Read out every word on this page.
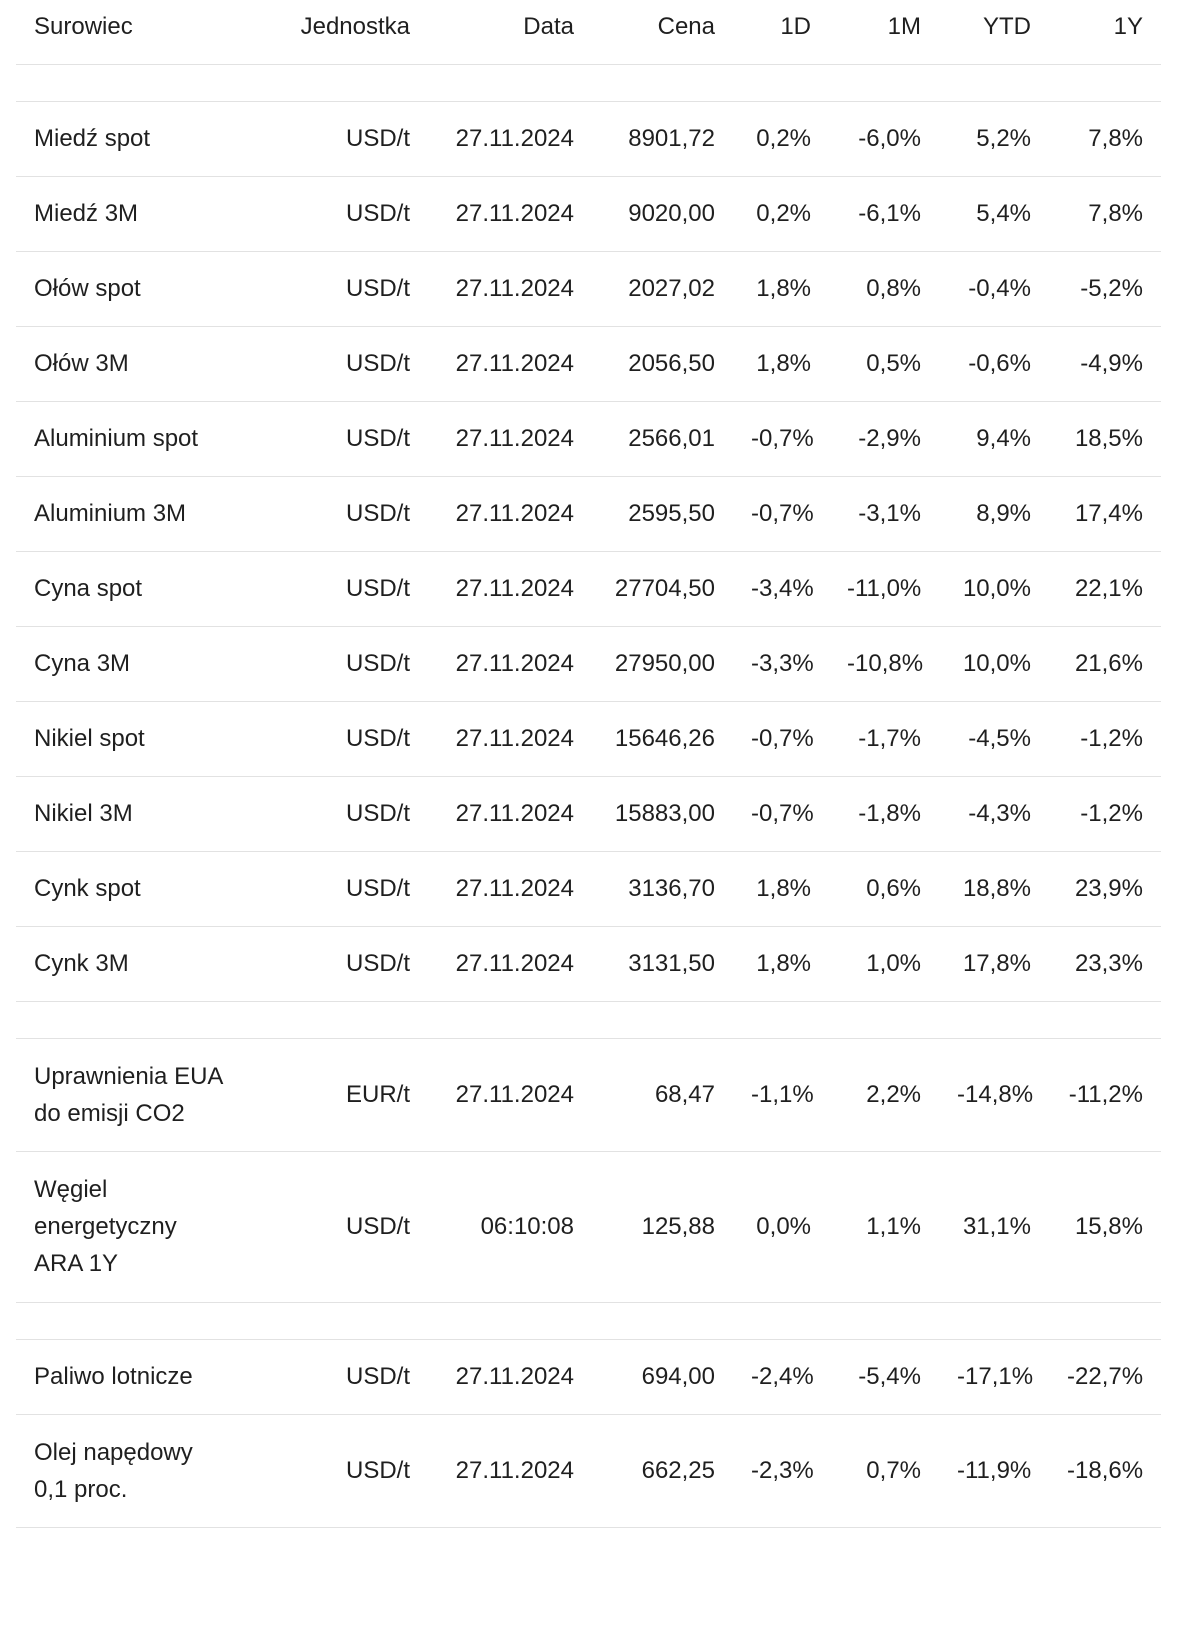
Surowiec	Jednostka	Data	Cena	1D	1M	YTD	1Y

Miedź spot	USD/t	27.11.2024	8901,72	0,2%	-6,0%	5,2%	7,8%
Miedź 3M	USD/t	27.11.2024	9020,00	0,2%	-6,1%	5,4%	7,8%
Ołów spot	USD/t	27.11.2024	2027,02	1,8%	0,8%	-0,4%	-5,2%
Ołów 3M	USD/t	27.11.2024	2056,50	1,8%	0,5%	-0,6%	-4,9%
Aluminium spot	USD/t	27.11.2024	2566,01	-0,7%	-2,9%	9,4%	18,5%
Aluminium 3M	USD/t	27.11.2024	2595,50	-0,7%	-3,1%	8,9%	17,4%
Cyna spot	USD/t	27.11.2024	27704,50	-3,4%	-11,0%	10,0%	22,1%
Cyna 3M	USD/t	27.11.2024	27950,00	-3,3%	-10,8%	10,0%	21,6%
Nikiel spot	USD/t	27.11.2024	15646,26	-0,7%	-1,7%	-4,5%	-1,2%
Nikiel 3M	USD/t	27.11.2024	15883,00	-0,7%	-1,8%	-4,3%	-1,2%
Cynk spot	USD/t	27.11.2024	3136,70	1,8%	0,6%	18,8%	23,9%
Cynk 3M	USD/t	27.11.2024	3131,50	1,8%	1,0%	17,8%	23,3%

Uprawnienia EUA do emisji CO2	EUR/t	27.11.2024	68,47	-1,1%	2,2%	-14,8%	-11,2%
Węgiel energetyczny ARA 1Y	USD/t	06:10:08	125,88	0,0%	1,1%	31,1%	15,8%

Paliwo lotnicze	USD/t	27.11.2024	694,00	-2,4%	-5,4%	-17,1%	-22,7%
Olej napędowy 0,1 proc.	USD/t	27.11.2024	662,25	-2,3%	0,7%	-11,9%	-18,6%
